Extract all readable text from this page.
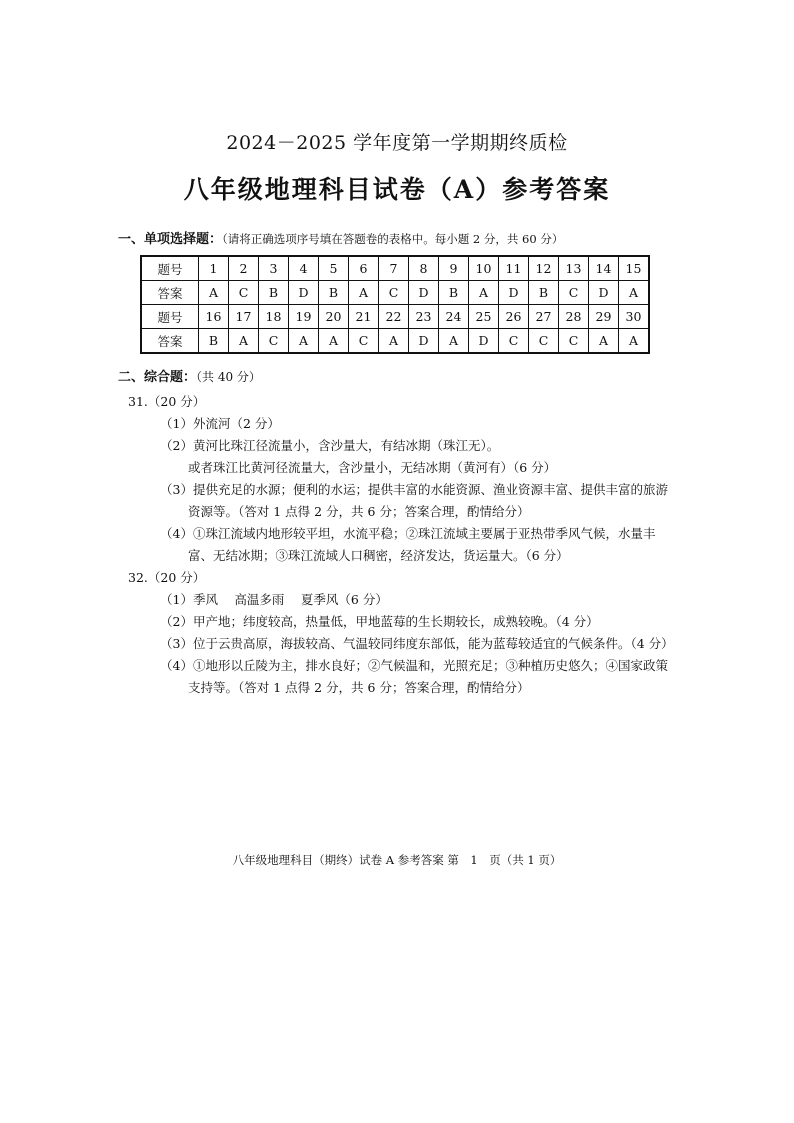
2024－2025 学年度第一学期期终质检
八年级地理科目试卷（A）参考答案
一、单项选择题：（请将正确选项序号填在答题卷的表格中。每小题 2 分，共 60 分）
题号	1	2	3	4	5	6	7	8	9	10	11	12	13	14	15
答案	A	C	B	D	B	A	C	D	B	A	D	B	C	D	A
题号	16	17	18	19	20	21	22	23	24	25	26	27	28	29	30
答案	B	A	C	A	A	C	A	D	A	D	C	C	C	A	A
二、综合题：（共 40 分）
31.（20 分）
（1）外流河（2 分）
（2）黄河比珠江径流量小，含沙量大，有结冰期（珠江无）。
或者珠江比黄河径流量大，含沙量小，无结冰期（黄河有）（6 分）
（3）提供充足的水源；便利的水运；提供丰富的水能资源、渔业资源丰富、提供丰富的旅游
资源等。（答对 1 点得 2 分，共 6 分；答案合理，酌情给分）
（4）①珠江流域内地形较平坦，水流平稳；②珠江流域主要属于亚热带季风气候，水量丰
富、无结冰期；③珠江流域人口稠密，经济发达，货运量大。（6 分）
32.（20 分）
（1）季风　 高温多雨　 夏季风（6 分）
（2）甲产地；纬度较高，热量低，甲地蓝莓的生长期较长，成熟较晚。（4 分）
（3）位于云贵高原，海拔较高、气温较同纬度东部低，能为蓝莓较适宜的气候条件。（4 分）
（4）①地形以丘陵为主，排水良好；②气候温和，光照充足；③种植历史悠久；④国家政策
支持等。（答对 1 点得 2 分，共 6 分；答案合理，酌情给分）
八年级地理科目（期终）试卷 A 参考答案 第　1　页（共 1 页）
